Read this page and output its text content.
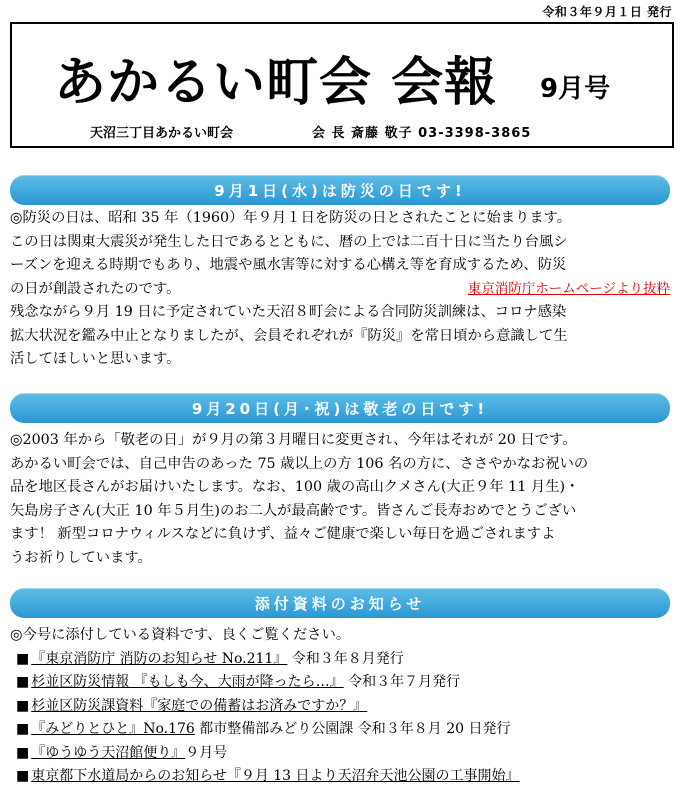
令和３年９月１日 発行
あかるい町会 会報 9月号
天沼三丁目あかるい町会	会 長 斎藤 敬子 03-3398-3865
9月1日(水)は防災の日です!
◎防災の日は、昭和 35 年（1960）年９月１日を防災の日とされたことに始まります。
この日は関東大震災が発生した日であるとともに、暦の上では二百十日に当たり台風シ
ーズンを迎える時期でもあり、地震や風水害等に対する心構え等を育成するため、防災
の日が創設されたのです。	東京消防庁ホームページより抜粋
残念ながら９月 19 日に予定されていた天沼８町会による合同防災訓練は、コロナ感染
拡大状況を鑑み中止となりましたが、会員それぞれが『防災』を常日頃から意識して生
活してほしいと思います。
9月20日(月･祝)は敬老の日です!
◎2003 年から「敬老の日」が９月の第３月曜日に変更され、今年はそれが 20 日です。
あかるい町会では、自己申告のあった 75 歳以上の方 106 名の方に、ささやかなお祝いの
品を地区長さんがお届けいたします。なお、100 歳の高山クメさん(大正９年 11 月生)・
矢島房子さん(大正 10 年５月生)のお二人が最高齢です。皆さんご長寿おめでとうござい
ます！ 新型コロナウィルスなどに負けず、益々ご健康で楽しい毎日を過ごされますよ
うお祈りしています。
添付資料のお知らせ
◎今号に添付している資料です、良くご覧ください。
■ 『東京消防庁 消防のお知らせ No.211』 令和３年８月発行
■ 杉並区防災情報 『もしも今、大雨が降ったら…』 令和３年７月発行
■ 杉並区防災課資料『家庭での備蓄はお済みですか？』
■ 『みどりとひと』No.176 都市整備部みどり公園課 令和３年８月 20 日発行
■ 『ゆうゆう天沼館便り』９月号
■ 東京都下水道局からのお知らせ『９月 13 日より天沼弁天池公園の工事開始』
